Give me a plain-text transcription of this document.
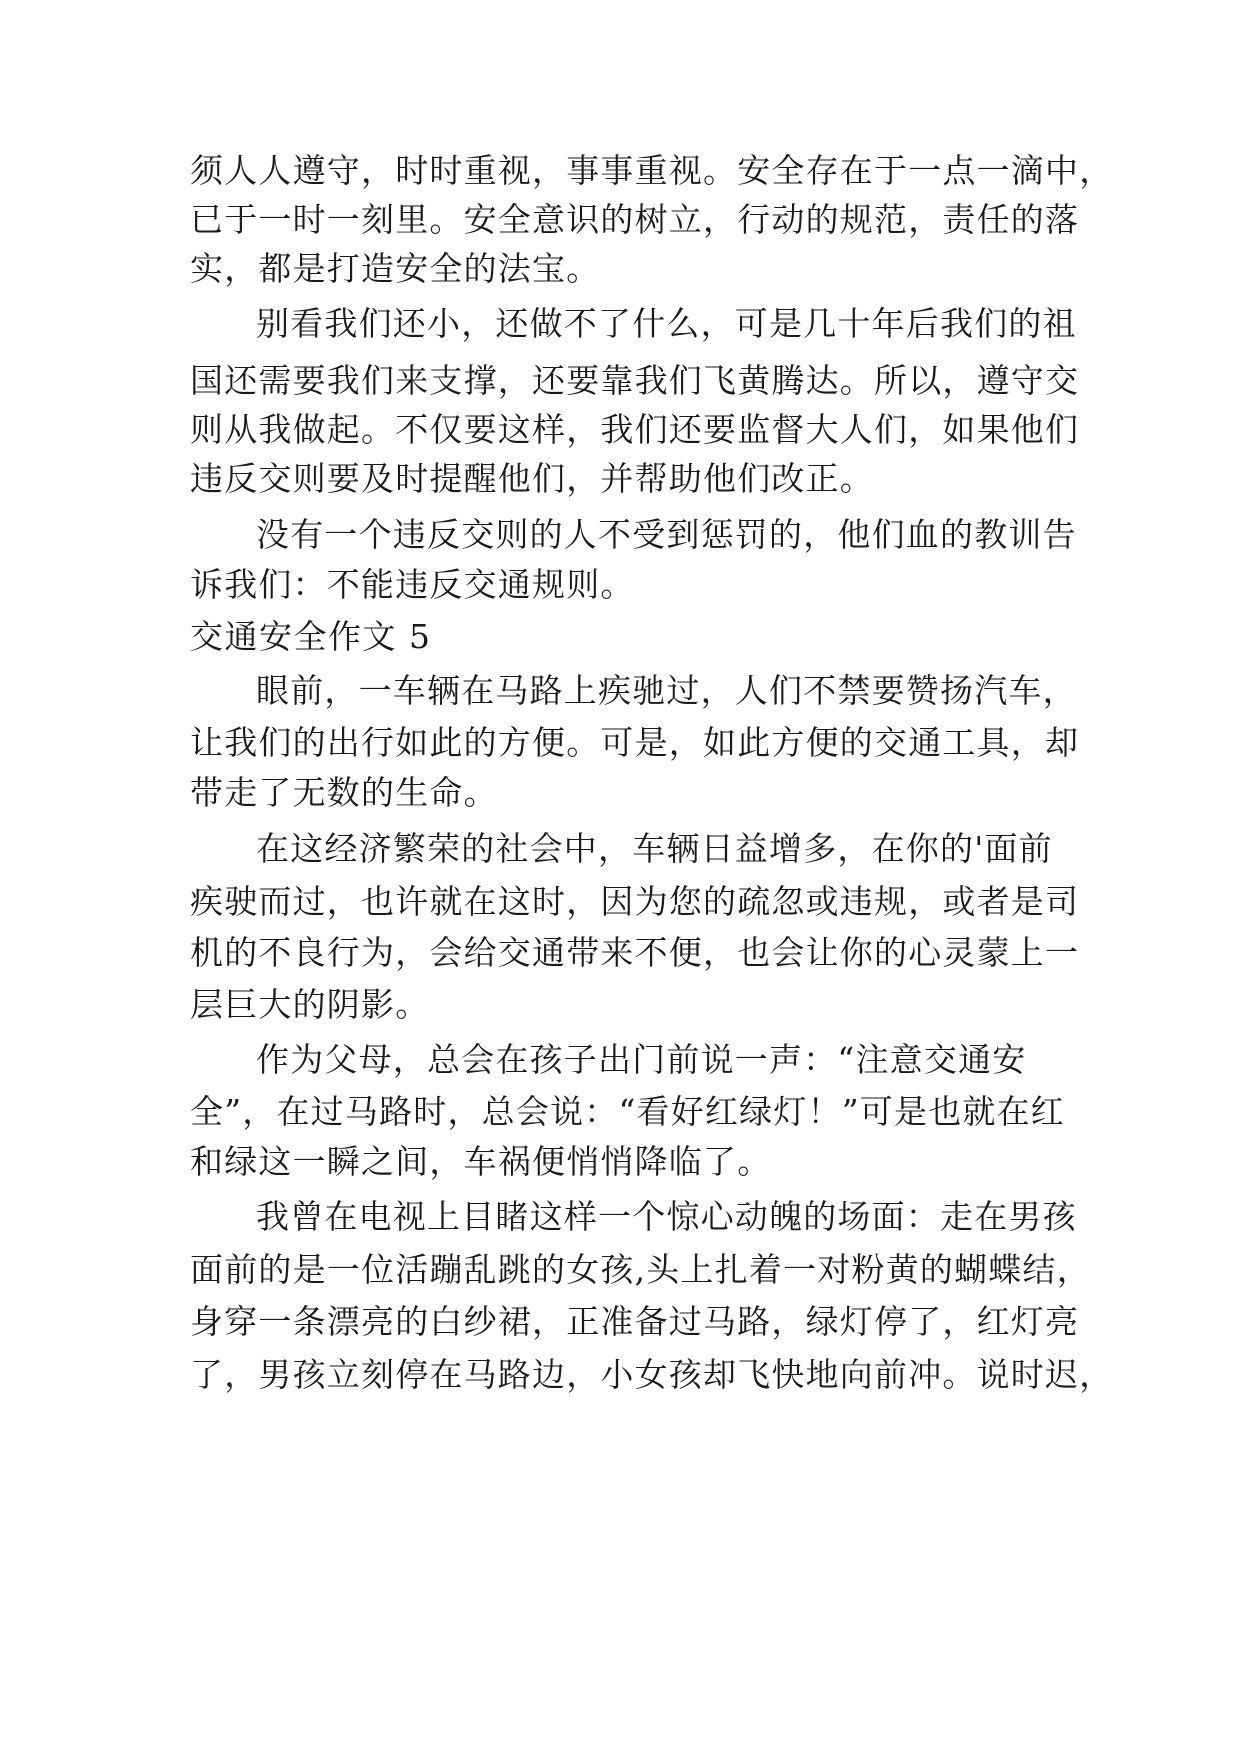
须人人遵守，时时重视，事事重视。安全存在于一点一滴中，
已于一时一刻里。安全意识的树立，行动的规范，责任的落
实，都是打造安全的法宝。
别看我们还小，还做不了什么，可是几十年后我们的祖
国还需要我们来支撑，还要靠我们飞黄腾达。所以，遵守交
则从我做起。不仅要这样，我们还要监督大人们，如果他们
违反交则要及时提醒他们，并帮助他们改正。
没有一个违反交则的人不受到惩罚的，他们血的教训告
诉我们：不能违反交通规则。
交通安全作文 5
眼前，一车辆在马路上疾驰过，人们不禁要赞扬汽车，
让我们的出行如此的方便。可是，如此方便的交通工具，却
带走了无数的生命。
在这经济繁荣的社会中，车辆日益增多，在你的'面前
疾驶而过，也许就在这时，因为您的疏忽或违规，或者是司
机的不良行为，会给交通带来不便，也会让你的心灵蒙上一
层巨大的阴影。
作为父母，总会在孩子出门前说一声：“注意交通安
全”，在过马路时，总会说：“看好红绿灯！”可是也就在红
和绿这一瞬之间，车祸便悄悄降临了。
我曾在电视上目睹这样一个惊心动魄的场面：走在男孩
面前的是一位活蹦乱跳的女孩,头上扎着一对粉黄的蝴蝶结，
身穿一条漂亮的白纱裙，正准备过马路，绿灯停了，红灯亮
了，男孩立刻停在马路边，小女孩却飞快地向前冲。说时迟，
